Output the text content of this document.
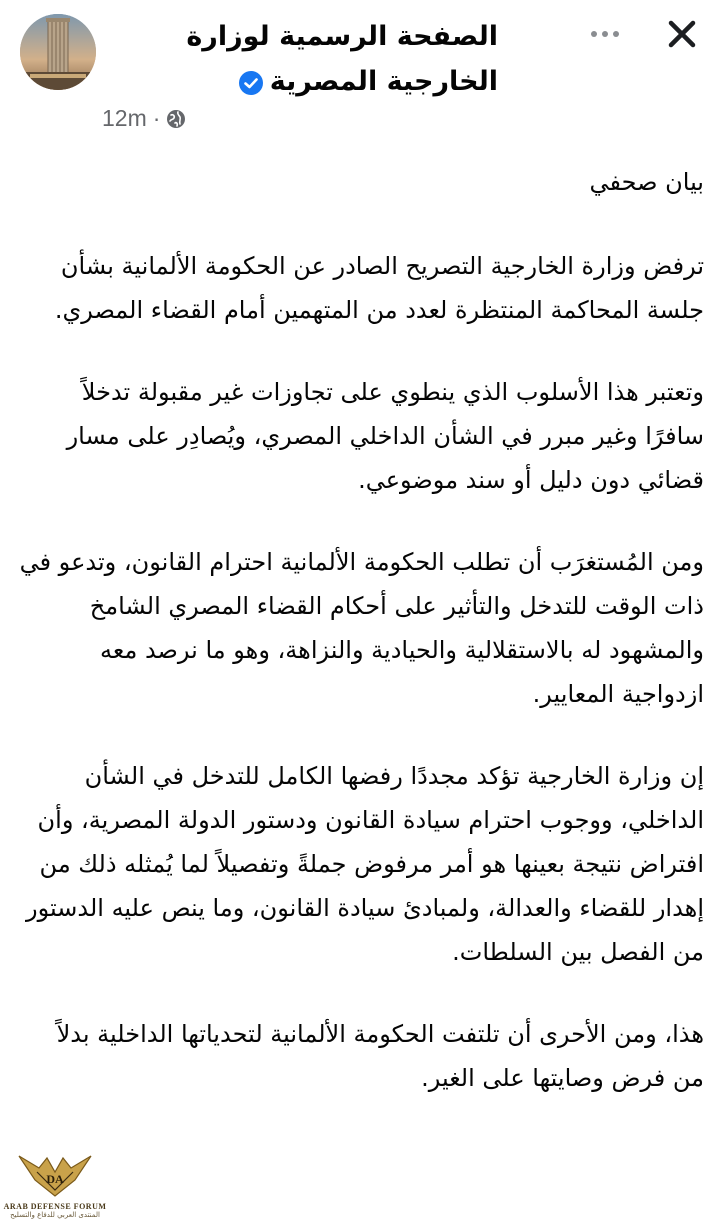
الصفحة الرسمية لوزارة الخارجية المصرية
12m ·

بيان صحفي

ترفض وزارة الخارجية التصريح الصادر عن الحكومة الألمانية بشأن جلسة المحاكمة المنتظرة لعدد من المتهمين أمام القضاء المصري.

وتعتبر هذا الأسلوب الذي ينطوي على تجاوزات غير مقبولة تدخلاً سافرًا وغير مبرر في الشأن الداخلي المصري، ويُصادِر على مسار قضائي دون دليل أو سند موضوعي.

ومن المُستغرَب أن تطلب الحكومة الألمانية احترام القانون، وتدعو في ذات الوقت للتدخل والتأثير على أحكام القضاء المصري الشامخ والمشهود له بالاستقلالية والحيادية والنزاهة، وهو ما نرصد معه ازدواجية المعايير.

إن وزارة الخارجية تؤكد مجددًا رفضها الكامل للتدخل في الشأن الداخلي، ووجوب احترام سيادة القانون ودستور الدولة المصرية، وأن افتراض نتيجة بعينها هو أمر مرفوض جملةً وتفصيلاً لما يُمثله ذلك من إهدار للقضاء والعدالة، ولمبادئ سيادة القانون، وما ينص عليه الدستور من الفصل بين السلطات.

هذا، ومن الأحرى أن تلتفت الحكومة الألمانية لتحدياتها الداخلية بدلاً من فرض وصايتها على الغير.

DA
ARAB DEFENSE FORUM
المنتدى العربي للدفاع والتسليح
